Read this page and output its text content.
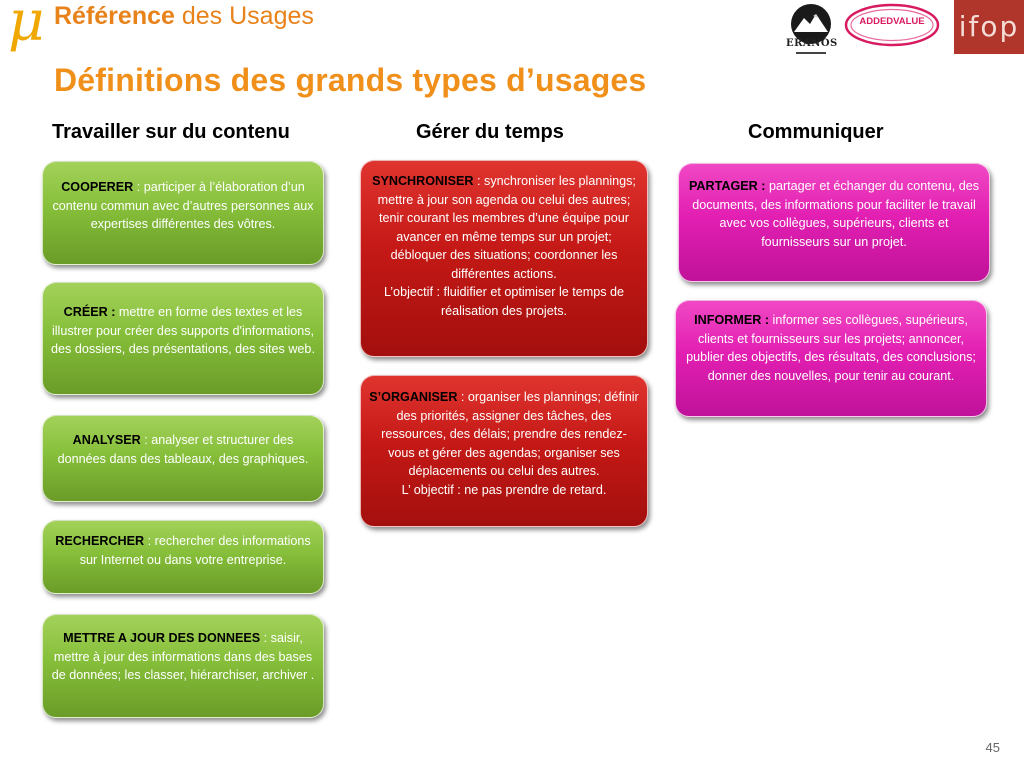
μ Référence des Usages
ERANOS
ADDEDVALUE	ifop
Définitions des grands types d’usages
Travailler sur du contenu	Gérer du temps	Communiquer
COOPERER : participer à l’élaboration d’un contenu commun avec d’autres personnes aux expertises différentes des vôtres.
CRÉER : mettre en forme des textes et les illustrer pour créer des supports d'informations, des dossiers, des présentations, des sites web.
ANALYSER : analyser et structurer des données dans des tableaux, des graphiques.
RECHERCHER : rechercher des informations sur Internet ou dans votre entreprise.
METTRE A JOUR DES DONNEES : saisir, mettre à jour des informations dans des bases de données; les classer, hiérarchiser, archiver .
SYNCHRONISER : synchroniser les plannings; mettre à jour son agenda ou celui des autres; tenir courant les membres d’une équipe pour avancer en même temps sur un projet; débloquer des situations; coordonner les différentes actions.
L’objectif : fluidifier et optimiser le temps de réalisation des projets.
S’ORGANISER : organiser les plannings; définir des priorités, assigner des tâches, des ressources, des délais; prendre des rendez-vous et gérer des agendas; organiser ses déplacements ou celui des autres.
L’ objectif : ne pas prendre de retard.
PARTAGER : partager et échanger du contenu, des documents, des informations pour faciliter le travail avec vos collègues, supérieurs, clients et fournisseurs sur un projet.
INFORMER : informer ses collègues, supérieurs, clients et fournisseurs sur les projets; annoncer, publier des objectifs, des résultats, des conclusions; donner des nouvelles, pour tenir au courant.
45
